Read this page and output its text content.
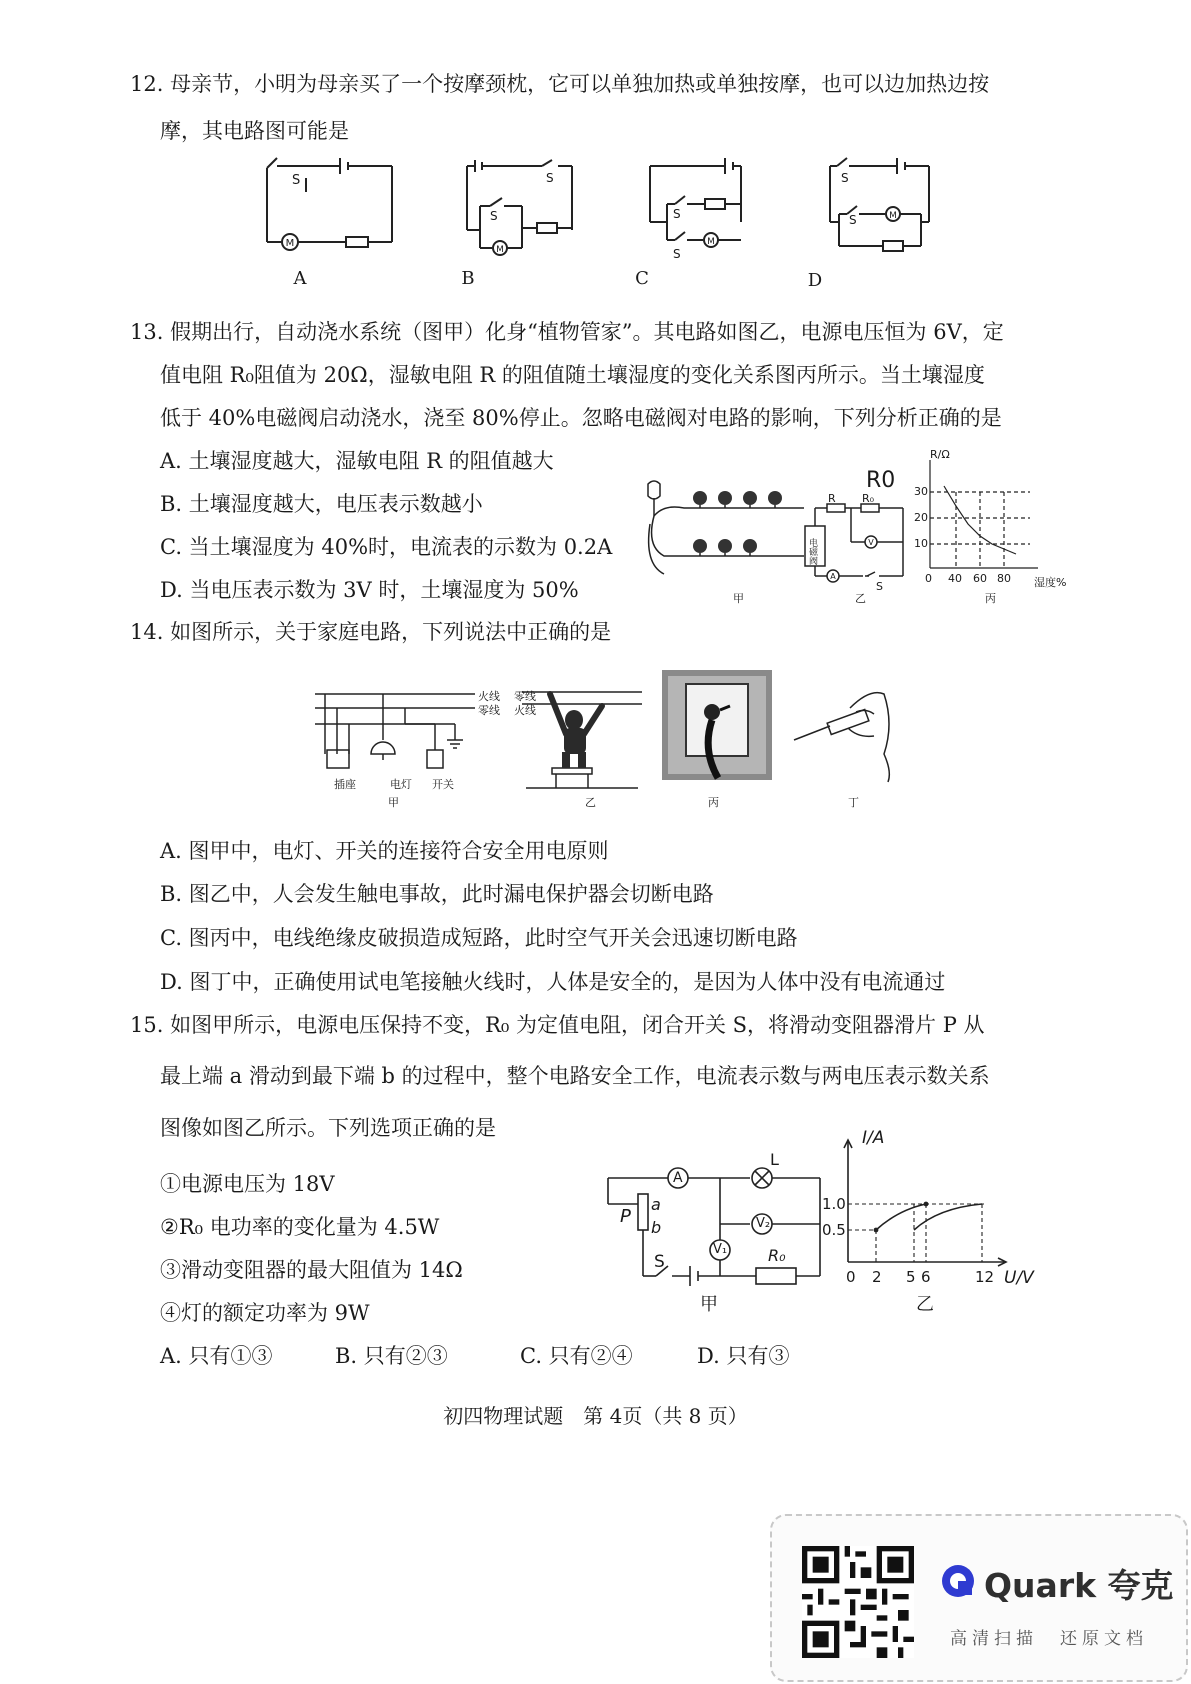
12. 母亲节，小明为母亲买了一个按摩颈枕，它可以单独加热或单独按摩，也可以边加热边按
摩，其电路图可能是
M
S
A
M
S
S
B
M
S
S
C
M
S
S
D
13. 假期出行，自动浇水系统（图甲）化身“植物管家”。其电路如图乙，电源电压恒为 6V，定
值电阻 R₀阻值为 20Ω，湿敏电阻 R 的阻值随土壤湿度的变化关系图丙所示。当土壤湿度
低于 40%电磁阀启动浇水，浇至 80%停止。忽略电磁阀对电路的影响，下列分析正确的是
A. 土壤湿度越大，湿敏电阻 R 的阻值越大
B. 土壤湿度越大，电压表示数越小
C. 当土壤湿度为 40%时，电流表的示数为 0.2A
D. 当电压表示数为 3V 时，土壤湿度为 50%	甲
V
A
电磁阀
R R₀
R0
S
乙
R/Ω
30
20
10
0 40 60 80 湿度%
丙
14. 如图所示，关于家庭电路，下列说法中正确的是
火线
零线
插座	电灯 开关
甲
零线
火线
乙	丙	丁
A. 图甲中，电灯、开关的连接符合安全用电原则
B. 图乙中，人会发生触电事故，此时漏电保护器会切断电路
C. 图丙中，电线绝缘皮破损造成短路，此时空气开关会迅速切断电路
D. 图丁中，正确使用试电笔接触火线时，人体是安全的，是因为人体中没有电流通过
15. 如图甲所示，电源电压保持不变，R₀ 为定值电阻，闭合开关 S，将滑动变阻器滑片 P 从
最上端 a 滑动到最下端 b 的过程中，整个电路安全工作，电流表示数与两电压表示数关系
图像如图乙所示。下列选项正确的是
①电源电压为 18V
②R₀ 电功率的变化量为 4.5W
③滑动变阻器的最大阻值为 14Ω
④灯的额定功率为 9W
A. 只有①③	B. 只有②③	C. 只有②④	D. 只有③
A
L
a
b
P	V₂
V₁
S	R₀
甲
I/A
1.0
0.5
0 2 5 6	12 U/V
乙
初四物理试题　第 4页（共 8 页）
Quark 夸克
高清扫描　还原文档
